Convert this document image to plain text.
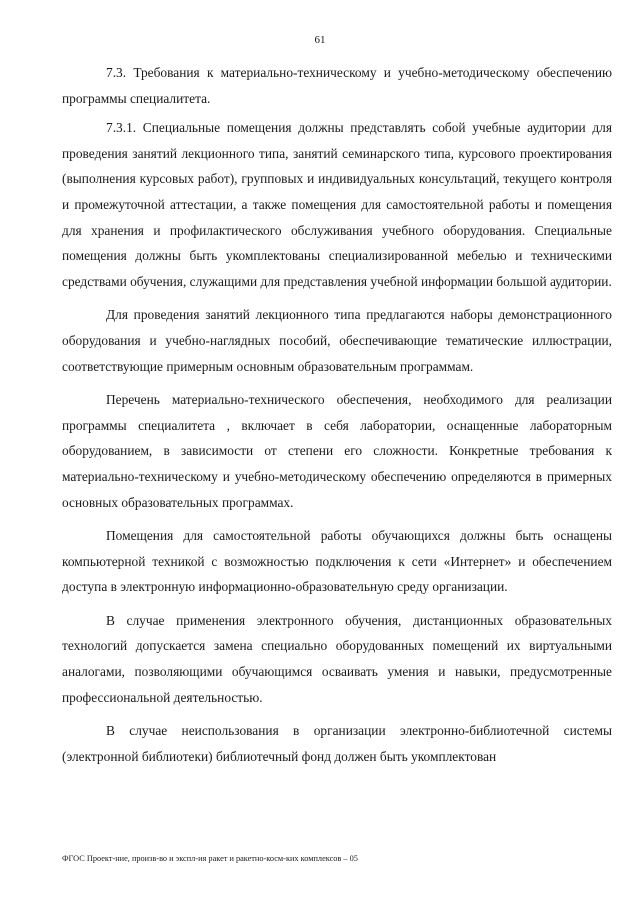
61

7.3. Требования к материально-техническому и учебно-методическому обеспечению программы специалитета.

7.3.1. Специальные помещения должны представлять собой учебные аудитории для проведения занятий лекционного типа, занятий семинарского типа, курсового проектирования (выполнения курсовых работ), групповых и индивидуальных консультаций, текущего контроля и промежуточной аттестации, а также помещения для самостоятельной работы и помещения для хранения и профилактического обслуживания учебного оборудования. Специальные помещения должны быть укомплектованы специализированной мебелью и техническими средствами обучения, служащими для представления учебной информации большой аудитории.

Для проведения занятий лекционного типа предлагаются наборы демонстрационного оборудования и учебно-наглядных пособий, обеспечивающие тематические иллюстрации, соответствующие примерным основным образовательным программам.

Перечень материально-технического обеспечения, необходимого для реализации программы специалитета , включает в себя лаборатории, оснащенные лабораторным оборудованием, в зависимости от степени его сложности. Конкретные требования к материально-техническому и учебно-методическому обеспечению определяются в примерных основных образовательных программах.

Помещения для самостоятельной работы обучающихся должны быть оснащены компьютерной техникой с возможностью подключения к сети «Интернет» и обеспечением доступа в электронную информационно-образовательную среду организации.

В случае применения электронного обучения, дистанционных образовательных технологий допускается замена специально оборудованных помещений их виртуальными аналогами, позволяющими обучающимся осваивать умения и навыки, предусмотренные профессиональной деятельностью.

В случае неиспользования в организации электронно-библиотечной системы (электронной библиотеки) библиотечный фонд должен быть укомплектован

ФГОС Проект-ние, произв-во и экспл-ия ракет и ракетно-косм-ких комплексов – 05
